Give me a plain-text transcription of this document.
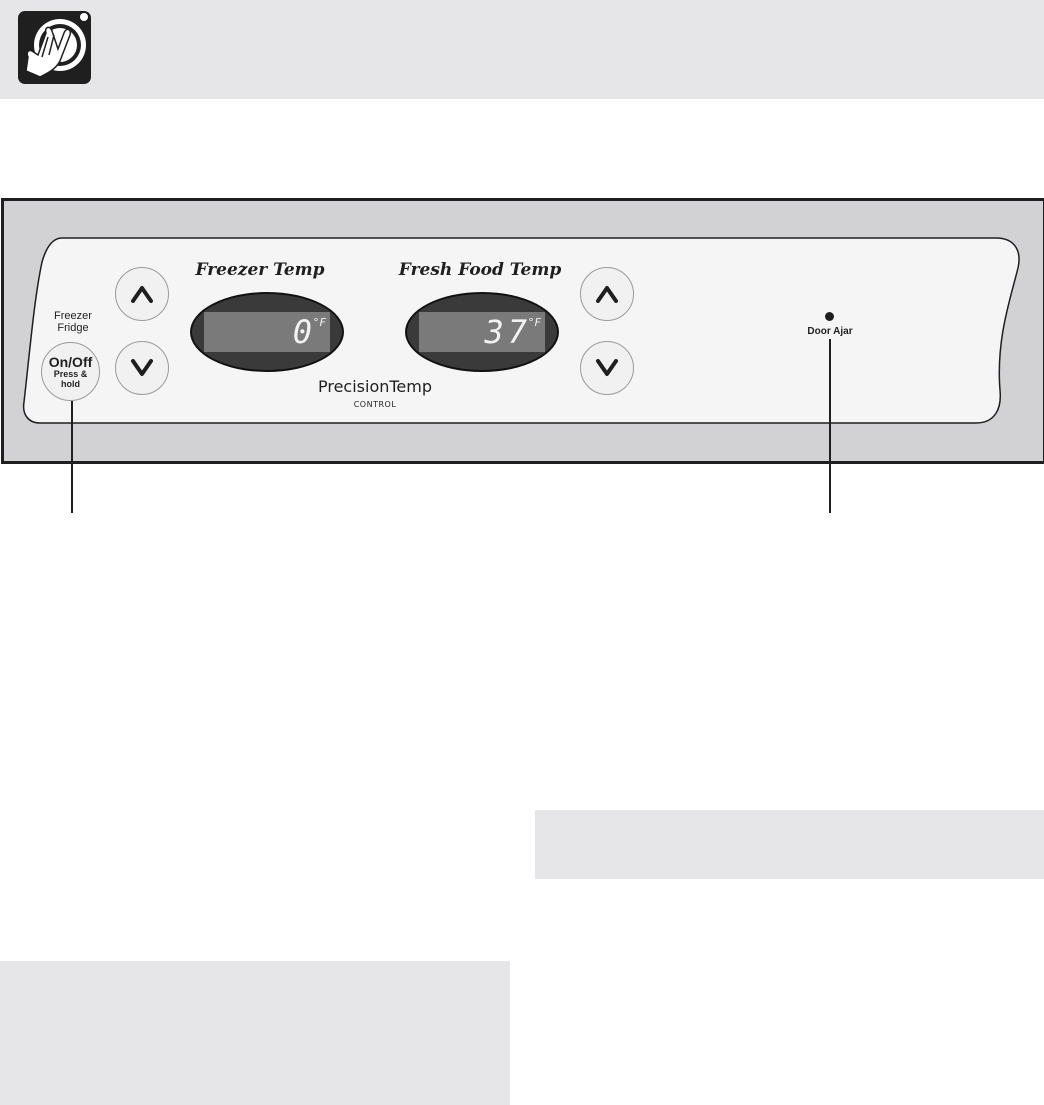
Freezer
Fridge
On/Off
Press &
hold
Freezer Temp	Fresh Food Temp
0
°F	37
°F
PrecisionTemp
CONTROL
Door Ajar
